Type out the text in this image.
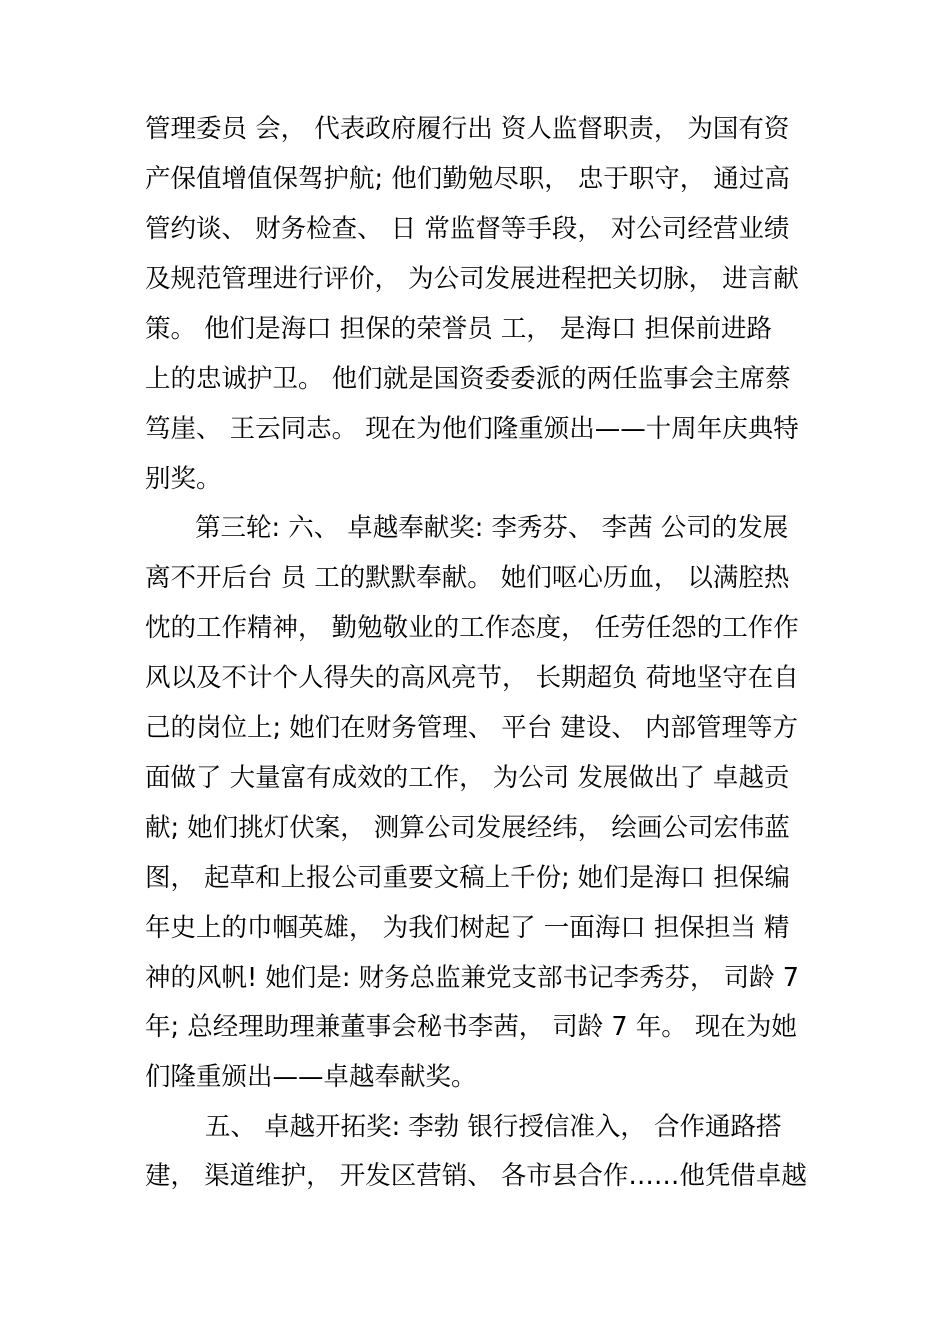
管理委员 会， 代表政府履行出 资人监督职责， 为国有资
产保值增值保驾护航; 他们勤勉尽职， 忠于职守， 通过高
管约谈、 财务检查、 日 常监督等手段， 对公司经营业绩
及规范管理进行评价， 为公司发展进程把关切脉， 进言献
策。 他们是海口 担保的荣誉员 工， 是海口 担保前进路
上的忠诚护卫。 他们就是国资委委派的两任监事会主席蔡
笃崖、 王云同志。 现在为他们隆重颁出——十周年庆典特
别奖。
第三轮: 六、 卓越奉献奖: 李秀芬、 李茜 公司的发展
离不开后台 员 工的默默奉献。 她们呕心历血， 以满腔热
忱的工作精神， 勤勉敬业的工作态度， 任劳任怨的工作作
风以及不计个人得失的高风亮节， 长期超负 荷地坚守在自
己的岗位上; 她们在财务管理、 平台 建设、 内部管理等方
面做了 大量富有成效的工作， 为公司 发展做出了 卓越贡
献; 她们挑灯伏案， 测算公司发展经纬， 绘画公司宏伟蓝
图， 起草和上报公司重要文稿上千份; 她们是海口 担保编
年史上的巾帼英雄， 为我们树起了 一面海口 担保担当 精
神的风帆! 她们是: 财务总监兼党支部书记李秀芬， 司龄 7
年; 总经理助理兼董事会秘书李茜， 司龄 7 年。 现在为她
们隆重颁出——卓越奉献奖。
五、 卓越开拓奖: 李勃 银行授信准入， 合作通路搭
建， 渠道维护， 开发区营销、 各市县合作……他凭借卓越
